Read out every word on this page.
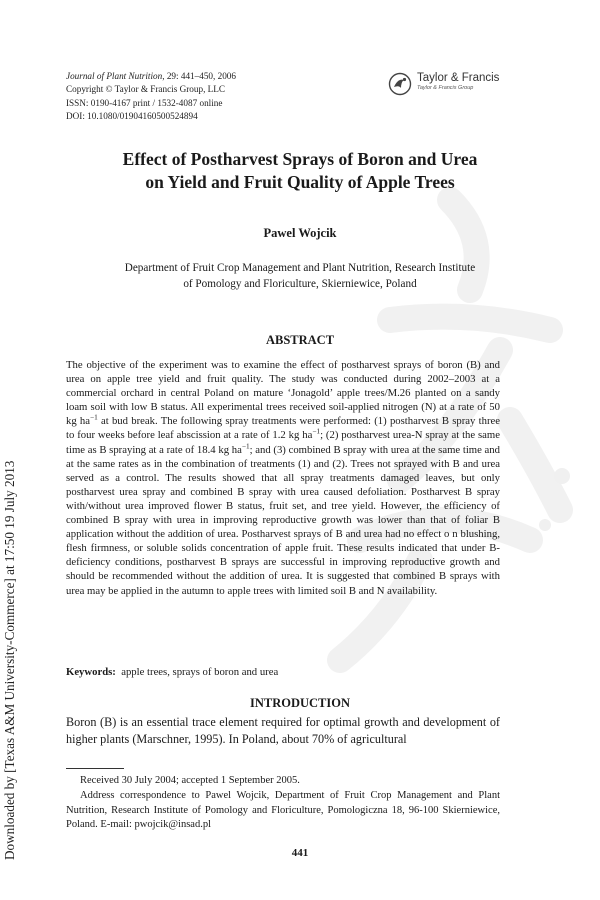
Downloaded by [Texas A&M University-Commerce] at 17:50 19 July 2013
Journal of Plant Nutrition, 29: 441–450, 2006
Copyright © Taylor & Francis Group, LLC
ISSN: 0190-4167 print / 1532-4087 online
DOI: 10.1080/01904160500524894
Taylor & Francis
Taylor & Francis Group
Effect of Postharvest Sprays of Boron and Urea
on Yield and Fruit Quality of Apple Trees
Pawel Wojcik
Department of Fruit Crop Management and Plant Nutrition, Research Institute
of Pomology and Floriculture, Skierniewice, Poland
ABSTRACT
The objective of the experiment was to examine the effect of postharvest sprays of boron (B) and urea on apple tree yield and fruit quality. The study was conducted during 2002–2003 at a commercial orchard in central Poland on mature ‘Jonagold’ apple trees/M.26 planted on a sandy loam soil with low B status. All experimental trees received soil-applied nitrogen (N) at a rate of 50 kg $ha^{-1}$ at bud break. The following spray treatments were performed: (1) postharvest B spray three to four weeks before leaf abscission at a rate of 1.2 kg $ha^{-1}$; (2) postharvest urea-N spray at the same time as B spraying at a rate of 18.4 kg $ha^{-1}$; and (3) combined B spray with urea at the same time and at the same rates as in the combination of treatments (1) and (2). Trees not sprayed with B and urea served as a control. The results showed that all spray treatments damaged leaves, but only postharvest urea spray and combined B spray with urea caused defoliation. Postharvest B spray with/without urea improved flower B status, fruit set, and tree yield. However, the efficiency of combined B spray with urea in improving reproductive growth was lower than that of foliar B application without the addition of urea. Postharvest sprays of B and urea had no effect o n blushing, flesh firmness, or soluble solids concentration of apple fruit. These results indicated that under B-deficiency conditions, postharvest B sprays are successful in improving reproductive growth and should be recommended without the addition of urea. It is suggested that combined B sprays with urea may be applied in the autumn to apple trees with limited soil B and N availability.
Keywords: apple trees, sprays of boron and urea
INTRODUCTION
Boron (B) is an essential trace element required for optimal growth and development of higher plants (Marschner, 1995). In Poland, about 70% of agricultural

Received 30 July 2004; accepted 1 September 2005.

Address correspondence to Pawel Wojcik, Department of Fruit Crop Management and Plant Nutrition, Research Institute of Pomology and Floriculture, Pomologiczna 18, 96-100 Skierniewice, Poland. E-mail: pwojcik@insad.pl

441
